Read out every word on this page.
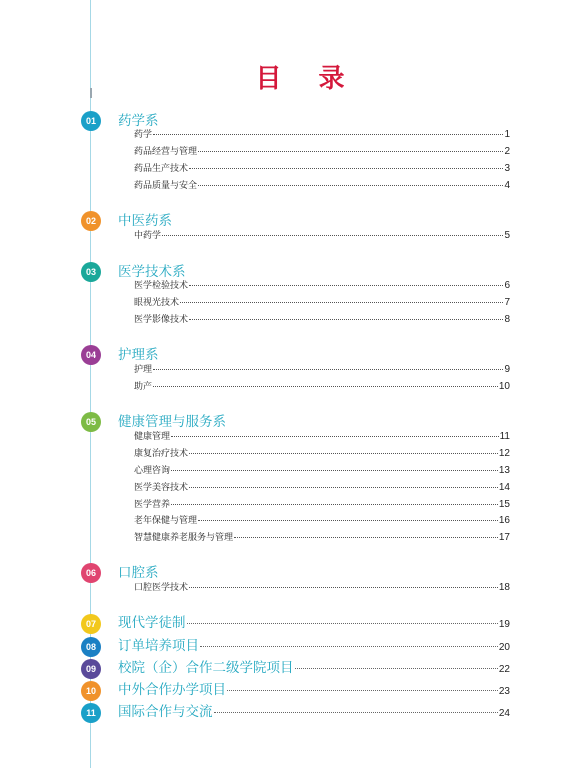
目 录
01	药学系
药学	1
药品经营与管理	2
药品生产技术	3
药品质量与安全	4
02	中医药系
中药学	5
03	医学技术系
医学检验技术	6
眼视光技术	7
医学影像技术	8
04	护理系
护理	9
助产	10
05	健康管理与服务系
健康管理	11
康复治疗技术	12
心理咨询	13
医学美容技术	14
医学营养	15
老年保健与管理	16
智慧健康养老服务与管理	17
06	口腔系
口腔医学技术	18
07	现代学徒制	19
08	订单培养项目	20
09	校院（企）合作二级学院项目	22
10	中外合作办学项目	23
11	国际合作与交流	24
